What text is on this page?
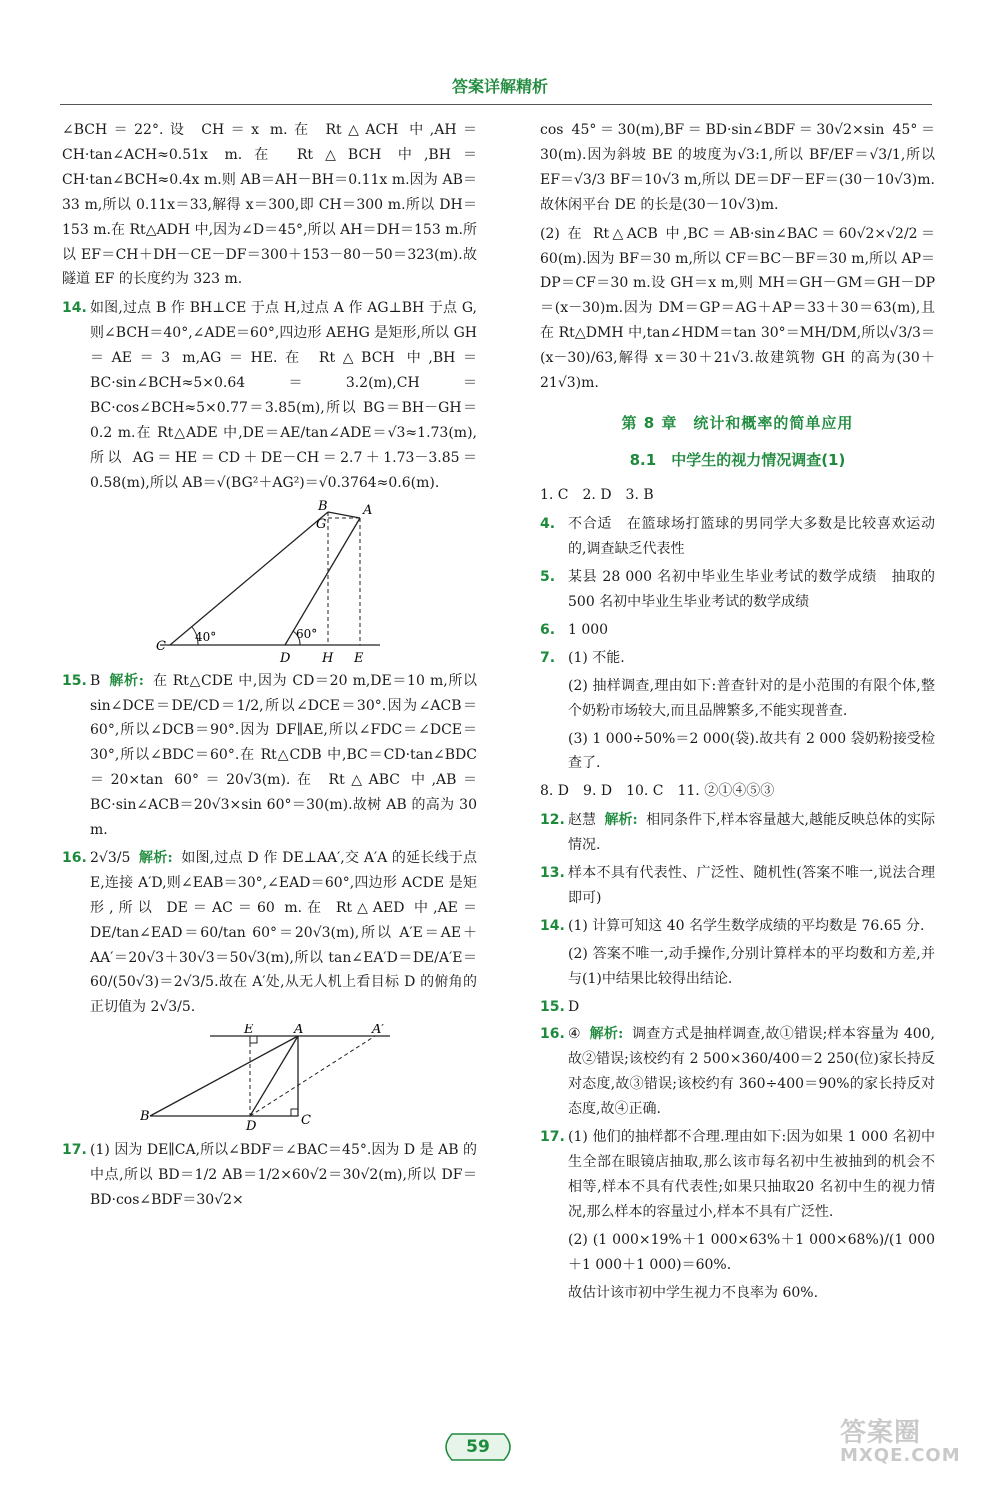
答案详解精析

∠BCH＝22°.设 CH＝x m.在 Rt△ACH 中,AH＝CH·tan∠ACH≈0.51x m.在 Rt△BCH 中,BH＝CH·tan∠BCH≈0.4x m.则 AB＝AH－BH＝0.11x m.因为 AB＝33 m,所以 0.11x＝33,解得 x＝300,即 CH＝300 m.所以 DH＝153 m.在 Rt△ADH 中,因为∠D＝45°,所以 AH＝DH＝153 m.所以 EF＝CH＋DH－CE－DF＝300＋153－80－50＝323(m).故隧道 EF 的长度约为 323 m.

14. 如图,过点 B 作 BH⊥CE 于点 H,过点 A 作 AG⊥BH 于点 G,则∠BCH＝40°,∠ADE＝60°,四边形 AEHG 是矩形,所以 GH＝AE＝3 m,AG＝HE.在 Rt△BCH 中,BH＝BC·sin∠BCH≈5×0.64＝3.2(m),CH＝BC·cos∠BCH≈5×0.77＝3.85(m),所以 BG＝BH－GH＝0.2 m.在 Rt△ADE 中,DE＝AE/tan∠ADE＝√3≈1.73(m),所以 AG＝HE＝CD＋DE－CH＝2.7＋1.73－3.85＝0.58(m),所以 AB＝√(BG²＋AG²)＝√0.3764≈0.6(m).
B
G
A
C
D H E
40°	60°
15. B 解析: 在 Rt△CDE 中,因为 CD＝20 m,DE＝10 m,所以 sin∠DCE＝DE/CD＝1/2,所以∠DCE＝30°.因为∠ACB＝60°,所以∠DCB＝90°.因为 DF∥AE,所以∠FDC＝∠DCE＝30°,所以∠BDC＝60°.在 Rt△CDB 中,BC＝CD·tan∠BDC＝20×tan 60°＝20√3(m).在 Rt△ABC 中,AB＝BC·sin∠ACB＝20√3×sin 60°＝30(m).故树 AB 的高为 30 m.
16. 2√3/5 解析: 如图,过点 D 作 DE⊥AA′,交 A′A 的延长线于点 E,连接 A′D,则∠EAB＝30°,∠EAD＝60°,四边形 ACDE 是矩形,所以 DE＝AC＝60 m.在 Rt△AED 中,AE＝DE/tan∠EAD＝60/tan 60°＝20√3(m),所以 A′E＝AE＋AA′＝20√3＋30√3＝50√3(m),所以 tan∠EA′D＝DE/A′E＝60/(50√3)＝2√3/5.故在 A′处,从无人机上看目标 D 的俯角的正切值为 2√3/5.
E	A	A′
B
D	C
17. (1) 因为 DE∥CA,所以∠BDF＝∠BAC＝45°.因为 D 是 AB 的中点,所以 BD＝1/2 AB＝1/2×60√2＝30√2(m),所以 DF＝BD·cos∠BDF＝30√2×

cos 45°＝30(m),BF＝BD·sin∠BDF＝30√2×sin 45°＝30(m).因为斜坡 BE 的坡度为√3:1,所以 BF/EF＝√3/1,所以 EF＝√3/3 BF＝10√3 m,所以 DE＝DF－EF＝(30－10√3)m.故休闲平台 DE 的长是(30－10√3)m.

(2) 在 Rt△ACB 中,BC＝AB·sin∠BAC＝60√2×√2/2＝60(m).因为 BF＝30 m,所以 CF＝BC－BF＝30 m,所以 AP＝DP＝CF＝30 m.设 GH＝x m,则 MH＝GH－GM＝GH－DP＝(x－30)m.因为 DM＝GP＝AG＋AP＝33＋30＝63(m),且在 Rt△DMH 中,tan∠HDM＝tan 30°＝MH/DM,所以√3/3＝(x－30)/63,解得 x＝30＋21√3.故建筑物 GH 的高为(30＋21√3)m.

第 8 章　统计和概率的简单应用
8.1　中学生的视力情况调查(1)

1. C　2. D　3. B

4. 不合适　在篮球场打篮球的男同学大多数是比较喜欢运动的,调查缺乏代表性
5. 某县 28 000 名初中毕业生毕业考试的数学成绩　抽取的 500 名初中毕业生毕业考试的数学成绩
6. 1 000
7. (1) 不能.

(2) 抽样调查,理由如下:普查针对的是小范围的有限个体,整个奶粉市场较大,而且品牌繁多,不能实现普查.

(3) 1 000÷50%＝2 000(袋).故共有 2 000 袋奶粉接受检查了.

8. D　9. D　10. C　11. ②①④⑤③

12. 赵慧 解析: 相同条件下,样本容量越大,越能反映总体的实际情况.
13. 样本不具有代表性、广泛性、随机性(答案不唯一,说法合理即可)
14. (1) 计算可知这 40 名学生数学成绩的平均数是 76.65 分.

(2) 答案不唯一,动手操作,分别计算样本的平均数和方差,并与(1)中结果比较得出结论.

15. D
16. ④ 解析: 调查方式是抽样调查,故①错误;样本容量为 400,故②错误;该校约有 2 500×360/400＝2 250(位)家长持反对态度,故③错误;该校约有 360÷400＝90%的家长持反对态度,故④正确.
17. (1) 他们的抽样都不合理.理由如下:因为如果 1 000 名初中生全部在眼镜店抽取,那么该市每名初中生被抽到的机会不相等,样本不具有代表性;如果只抽取20 名初中生的视力情况,那么样本的容量过小,样本不具有广泛性.

(2) (1 000×19%＋1 000×63%＋1 000×68%)/(1 000＋1 000＋1 000)＝60%.

故估计该市初中学生视力不良率为 60%.

59	答案圈
MXQE.COM
